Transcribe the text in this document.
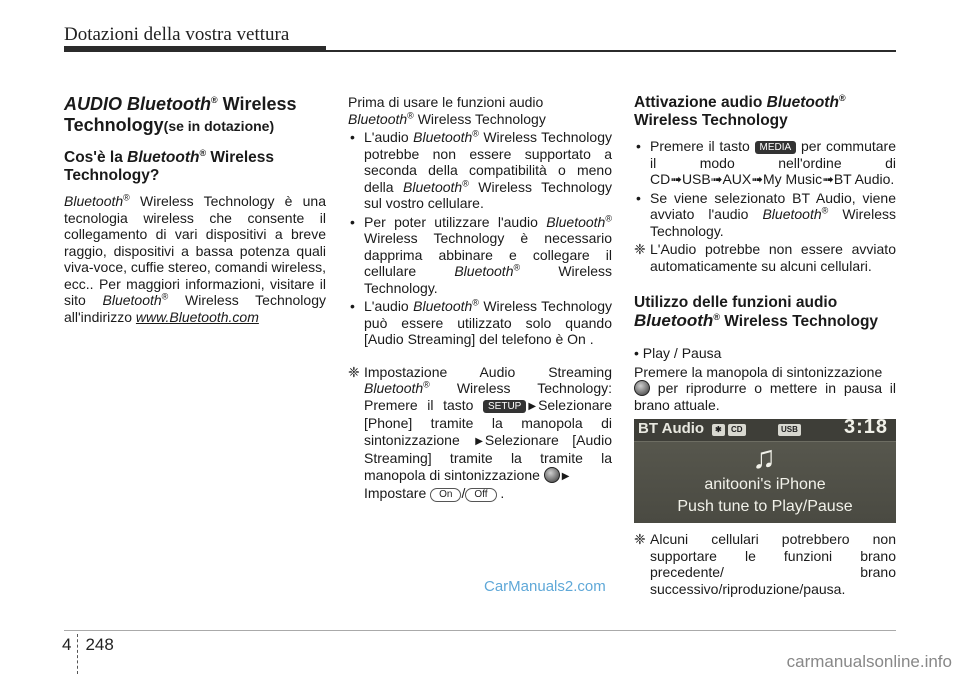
Dotazioni della vostra vettura
AUDIO Bluetooth® Wireless Technology(se in dotazione)
Cos'è la Bluetooth® Wireless Technology?

Bluetooth® Wireless Technology è una tecnologia wireless che consente il collegamento di vari dispositivi a breve raggio, dispositivi a bassa potenza quali viva-voce, cuffie stereo, comandi wireless, ecc.. Per maggiori informazioni, visitare il sito Bluetooth® Wireless Technology all'indirizzo www.Bluetooth.com

Prima di usare le funzioni audio
Bluetooth® Wireless Technology

• L'audio Bluetooth® Wireless Technology potrebbe non essere supportato a seconda della compatibilità o meno della Bluetooth® Wireless Technology sul vostro cellulare.
• Per poter utilizzare l'audio Bluetooth® Wireless Technology è necessario dapprima abbinare e collegare il cellulare Bluetooth® Wireless Technology.
• L'audio Bluetooth® Wireless Technology può essere utilizzato solo quando [Audio Streaming] del telefono è On .
❈ Impostazione Audio Streaming Bluetooth® Wireless Technology: Premere il tasto SETUP ▶ Selezionare [Phone] tramite la manopola di sintonizzazione ▶ Selezionare [Audio Streaming] tramite la tramite la manopola di sintonizzazione ▶
Impostare On / Off .
Attivazione audio Bluetooth®
Wireless Technology
• Premere il tasto MEDIA per commutare il modo nell'ordine di CD➟USB➟AUX➟My Music➟BT Audio.
• Se viene selezionato BT Audio, viene avviato l'audio Bluetooth® Wireless Technology.
❈ L'Audio potrebbe non essere avviato automaticamente su alcuni cellulari.
Utilizzo delle funzioni audio
Bluetooth® Wireless Technology

• Play / Pausa

Premere la manopola di sintonizzazione
per riprodurre o mettere in pausa il brano attuale.

BT Audio	✱	CD	USB 3:18
♫
anitooni's iPhone
Push tune to Play/Pause
❈ Alcuni cellulari potrebbero non supportare le funzioni brano precedente/ brano successivo/riproduzione/pausa.
CarManuals2.com
4 248
carmanualsonline.info
